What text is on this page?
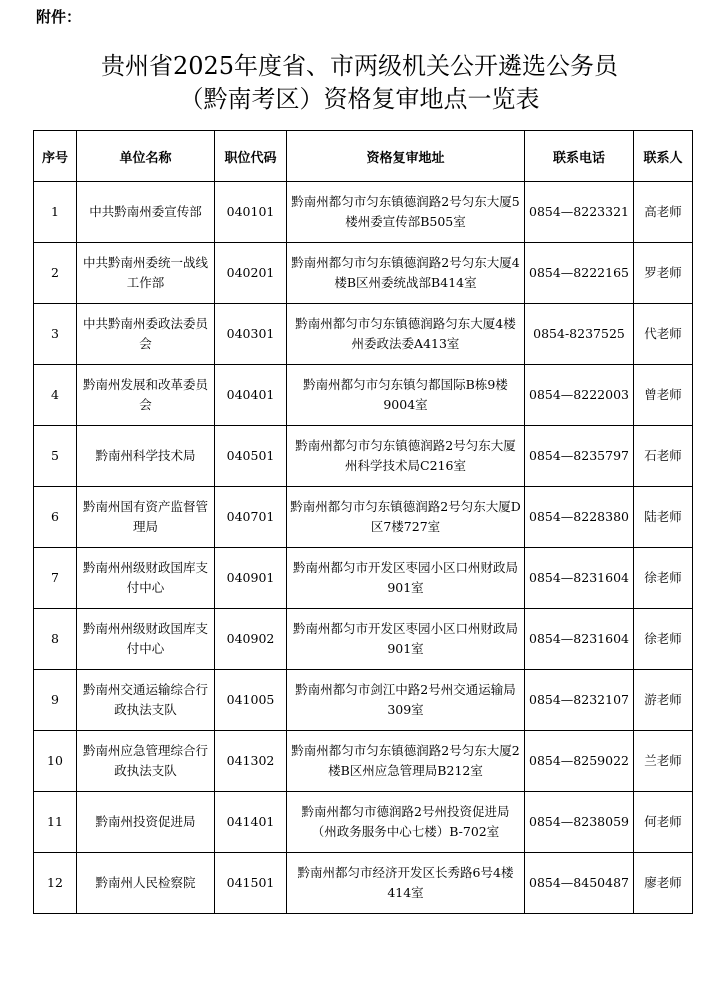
附件：
贵州省2025年度省、市两级机关公开遴选公务员
（黔南考区）资格复审地点一览表
序号	单位名称	职位代码	资格复审地址	联系电话	联系人
1	中共黔南州委宣传部	040101	黔南州都匀市匀东镇德润路2号匀东大厦5楼州委宣传部B505室	0854—8223321	高老师
2	中共黔南州委统一战线工作部	040201	黔南州都匀市匀东镇德润路2号匀东大厦4楼B区州委统战部B414室	0854—8222165	罗老师
3	中共黔南州委政法委员会	040301	黔南州都匀市匀东镇德润路匀东大厦4楼州委政法委A413室	0854-8237525	代老师
4	黔南州发展和改革委员会	040401	黔南州都匀市匀东镇匀都国际B栋9楼9004室	0854—8222003	曾老师
5	黔南州科学技术局	040501	黔南州都匀市匀东镇德润路2号匀东大厦州科学技术局C216室	0854—8235797	石老师
6	黔南州国有资产监督管理局	040701	黔南州都匀市匀东镇德润路2号匀东大厦D区7楼727室	0854—8228380	陆老师
7	黔南州州级财政国库支付中心	040901	黔南州都匀市开发区枣园小区口州财政局901室	0854—8231604	徐老师
8	黔南州州级财政国库支付中心	040902	黔南州都匀市开发区枣园小区口州财政局901室	0854—8231604	徐老师
9	黔南州交通运输综合行政执法支队	041005	黔南州都匀市剑江中路2号州交通运输局309室	0854—8232107	游老师
10	黔南州应急管理综合行政执法支队	041302	黔南州都匀市匀东镇德润路2号匀东大厦2楼B区州应急管理局B212室	0854—8259022	兰老师
11	黔南州投资促进局	041401	黔南州都匀市德润路2号州投资促进局（州政务服务中心七楼）B-702室	0854—8238059	何老师
12	黔南州人民检察院	041501	黔南州都匀市经济开发区长秀路6号4楼414室	0854—8450487	廖老师
